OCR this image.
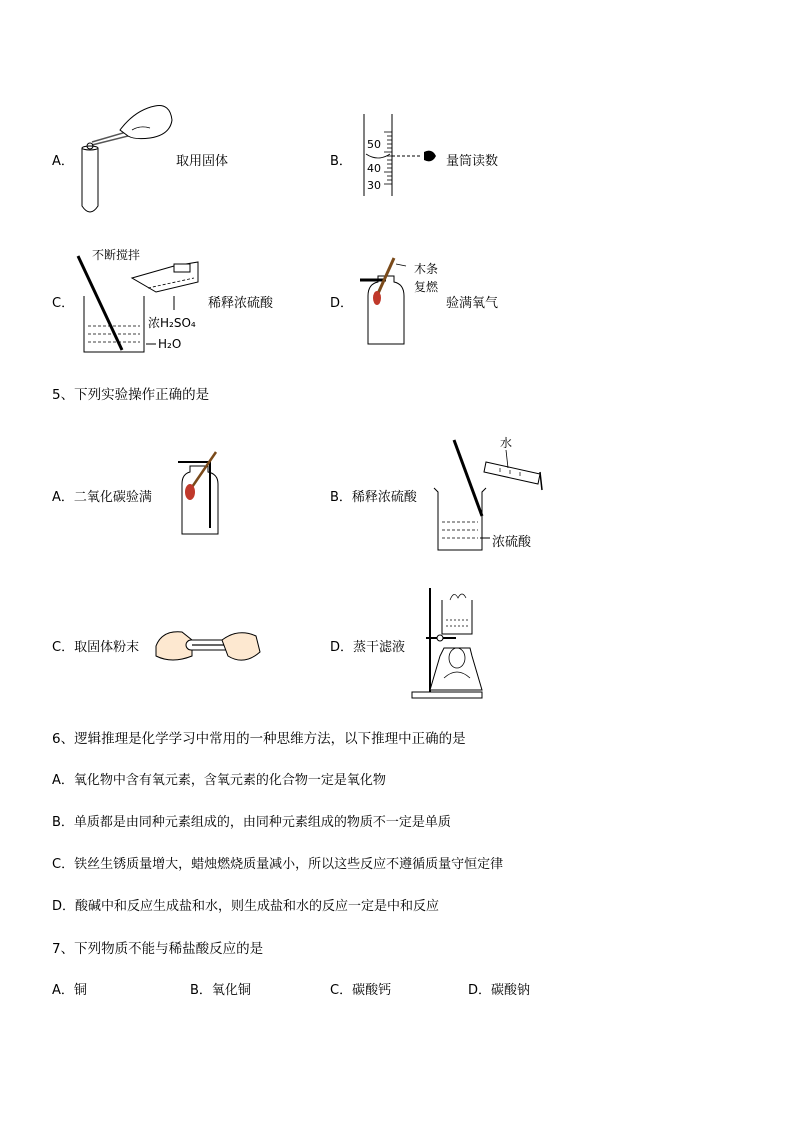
A．	取用固体	B．
50
40
30
量筒读数
C．
不断搅拌
浓H₂SO₄
H₂O
稀释浓硫酸	D．
木条
复燃
验满氧气
5、下列实验操作正确的是
A．二氧化碳验满	B．稀释浓硫酸
水
浓硫酸
C．取固体粉末	D．蒸干滤液
6、逻辑推理是化学学习中常用的一种思维方法，以下推理中正确的是
A．氧化物中含有氧元素，含氧元素的化合物一定是氧化物
B．单质都是由同种元素组成的，由同种元素组成的物质不一定是单质
C．铁丝生锈质量增大，蜡烛燃烧质量减小，所以这些反应不遵循质量守恒定律
D．酸碱中和反应生成盐和水，则生成盐和水的反应一定是中和反应
7、下列物质不能与稀盐酸反应的是
A．铜	B．氧化铜	C．碳酸钙	D．碳酸钠
